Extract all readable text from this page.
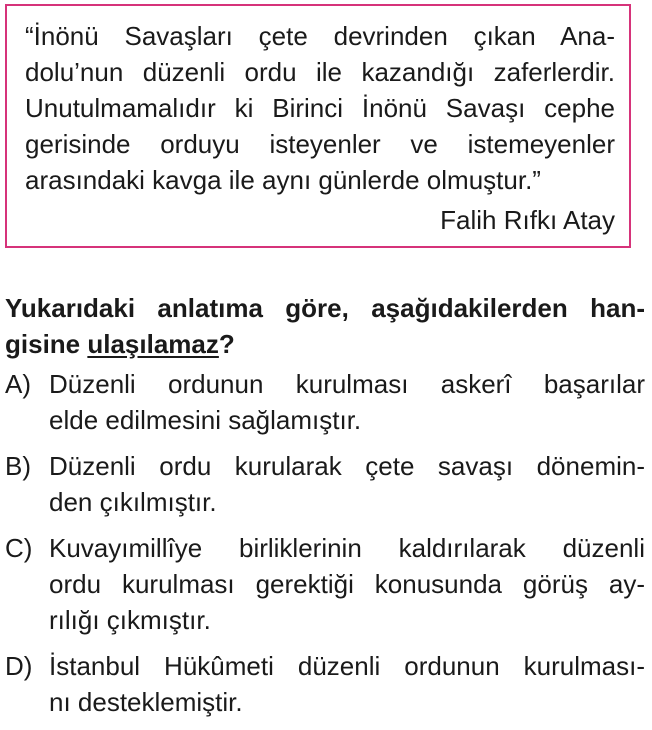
“İnönü Savaşları çete devrinden çıkan Ana-
dolu’nun düzenli ordu ile kazandığı zaferlerdir.
Unutulmamalıdır ki Birinci İnönü Savaşı cephe
gerisinde orduyu isteyenler ve istemeyenler
arasındaki kavga ile aynı günlerde olmuştur.”
Falih Rıfkı Atay
Yukarıdaki anlatıma göre, aşağıdakilerden han-
gisine ulaşılamaz?
A) Düzenli ordunun kurulması askerî başarılar
elde edilmesini sağlamıştır.
B) Düzenli ordu kurularak çete savaşı dönemin-
den çıkılmıştır.
C) Kuvayımillîye birliklerinin kaldırılarak düzenli
ordu kurulması gerektiği konusunda görüş ay-
rılığı çıkmıştır.
D) İstanbul Hükûmeti düzenli ordunun kurulması-
nı desteklemiştir.
